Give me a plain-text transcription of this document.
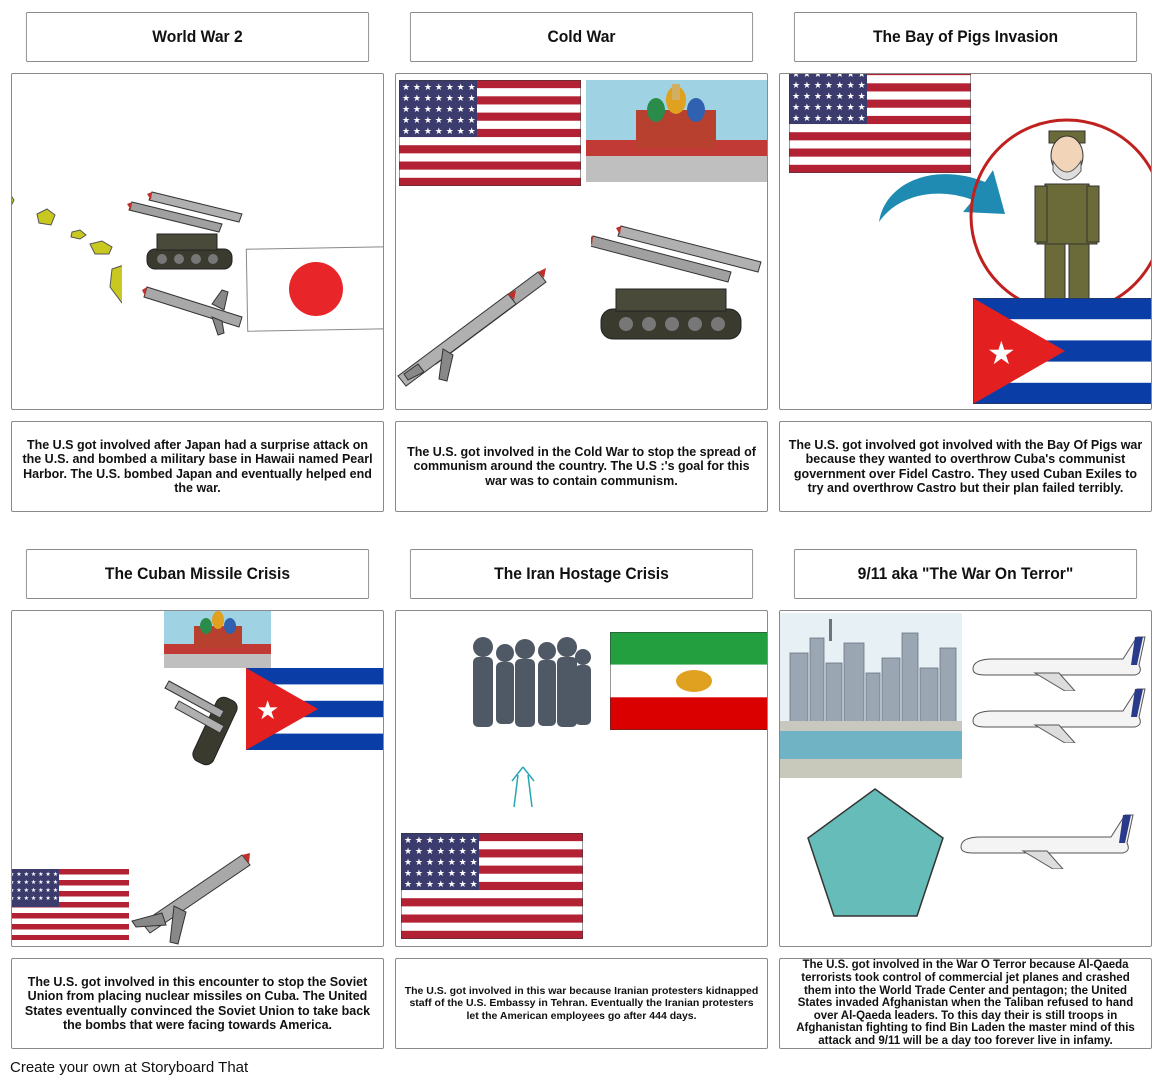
World War 2	Cold War	The Bay of Pigs Invasion
★ ★ ★ ★ ★ ★ ★
★ ★ ★ ★ ★ ★ ★
★ ★ ★ ★ ★ ★ ★
★ ★ ★ ★ ★ ★ ★
★ ★ ★ ★ ★ ★ ★
★ ★ ★ ★ ★ ★ ★
★ ★ ★ ★ ★ ★ ★
★ ★ ★ ★ ★ ★ ★
★ ★ ★ ★ ★ ★ ★
★ ★ ★ ★ ★ ★ ★
★
The U.S got involved after Japan had a surprise attack on the U.S. and bombed a military base in Hawaii named Pearl Harbor. The U.S. bombed Japan and eventually helped end the war.
The U.S. got involved in the Cold War to stop the spread of communism around the country. The U.S :'s goal for this war was to contain communism.
The U.S. got involved got involved with the Bay Of Pigs war because they wanted to overthrow Cuba's communist government over Fidel Castro. They used Cuban Exiles to try and overthrow Castro but their plan failed terribly.
The Cuban Missile Crisis	The Iran Hostage Crisis	9/11 aka "The War On Terror"
★
★ ★ ★ ★ ★ ★ ★
★ ★ ★ ★ ★ ★ ★
★ ★ ★ ★ ★ ★ ★
★ ★ ★ ★ ★ ★ ★
★ ★ ★ ★ ★ ★ ★
★ ★ ★ ★ ★ ★ ★
★ ★ ★ ★ ★ ★ ★
★ ★ ★ ★ ★ ★ ★
★ ★ ★ ★ ★ ★ ★
The U.S. got involved in this encounter to stop the Soviet Union from placing nuclear missiles on Cuba. The United States eventually convinced the Soviet Union to take back the bombs that were facing towards America.
The U.S. got involved in this war because Iranian protesters kidnapped staff of the U.S. Embassy in Tehran. Eventually the Iranian protesters let the American employees go after 444 days.
The U.S. got involved in the War O Terror because Al-Qaeda terrorists took control of commercial jet planes and crashed them into the World Trade Center and pentagon; the United States invaded Afghanistan when the Taliban refused to hand over Al-Qaeda leaders. To this day their is still troops in Afghanistan fighting to find Bin Laden the master mind of this attack and 9/11 will be a day too forever live in infamy.
Create your own at Storyboard That
